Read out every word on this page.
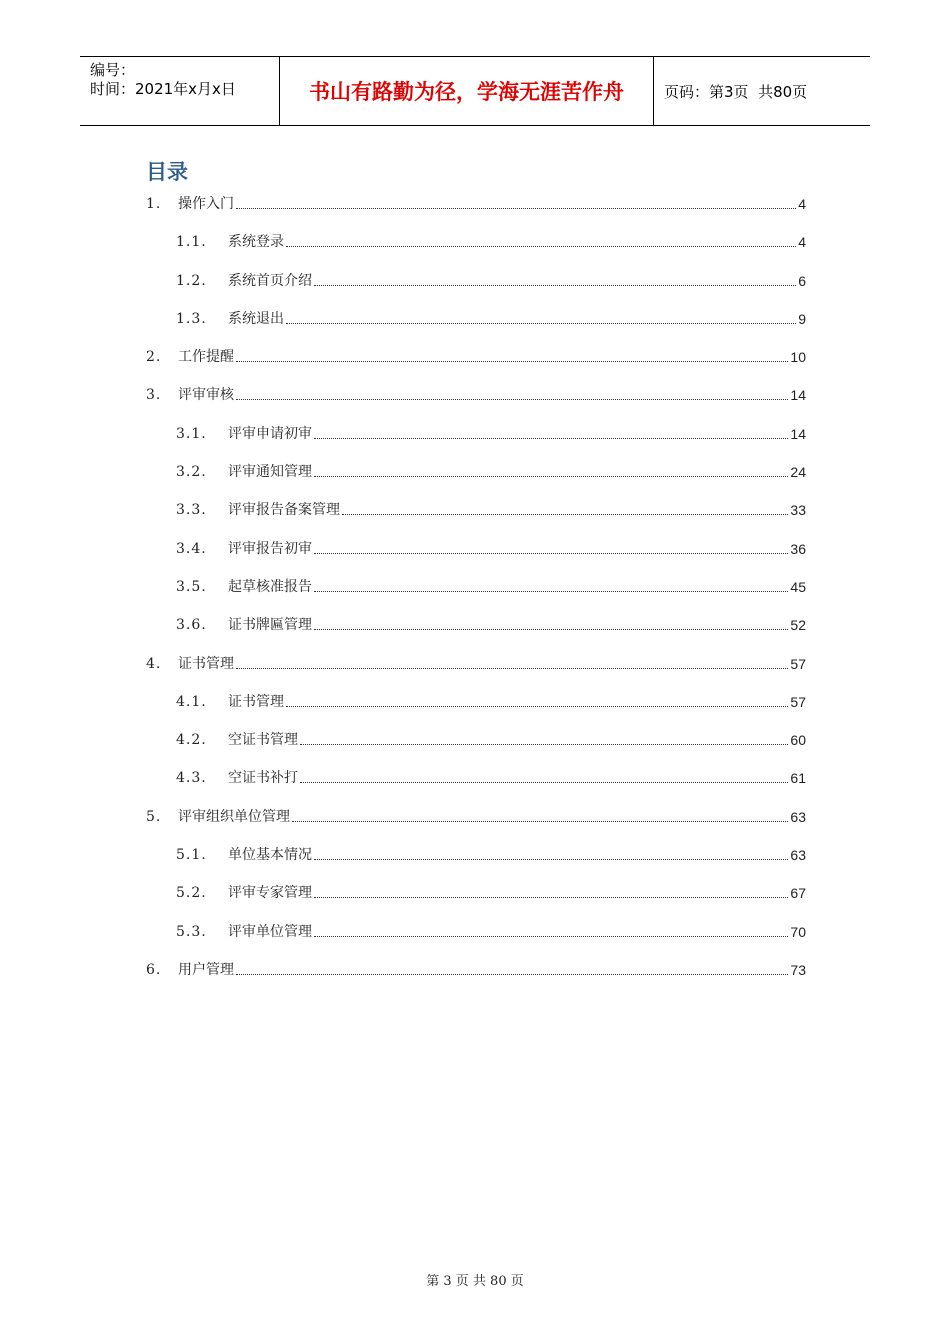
编号：
时间：2021年x月x日	书山有路勤为径，学海无涯苦作舟	页码：第3页  共80页
目录
1.	操作入门	4
1.1.	系统登录	4
1.2.	系统首页介绍	6
1.3.	系统退出	9
2.	工作提醒	10
3.	评审审核	14
3.1.	评审申请初审	14
3.2.	评审通知管理	24
3.3.	评审报告备案管理	33
3.4.	评审报告初审	36
3.5.	起草核准报告	45
3.6.	证书牌匾管理	52
4.	证书管理	57
4.1.	证书管理	57
4.2.	空证书管理	60
4.3.	空证书补打	61
5.	评审组织单位管理	63
5.1.	单位基本情况	63
5.2.	评审专家管理	67
5.3.	评审单位管理	70
6.	用户管理	73
第 3 页 共 80 页
